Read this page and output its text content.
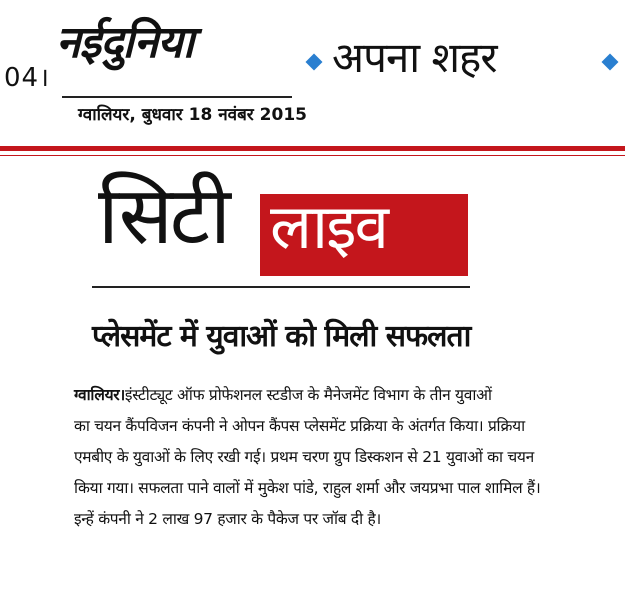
04।
नईदुनिया
ग्वालियर, बुधवार 18 नवंबर 2015
अपना शहर
सिटी लाइव
प्लेसमेंट में युवाओं को मिली सफलता
ग्वालियर।इंस्टीट्यूट ऑफ प्रोफेशनल स्टडीज के मैनेजमेंट विभाग के तीन युवाओं
का चयन कैंपविजन कंपनी ने ओपन कैंपस प्लेसमेंट प्रक्रिया के अंतर्गत किया। प्रक्रिया
एमबीए के युवाओं के लिए रखी गई। प्रथम चरण ग्रुप डिस्कशन से 21 युवाओं का चयन
किया गया। सफलता पाने वालों में मुकेश पांडे, राहुल शर्मा और जयप्रभा पाल शामिल हैं।
इन्हें कंपनी ने 2 लाख 97 हजार के पैकेज पर जॉब दी है।
